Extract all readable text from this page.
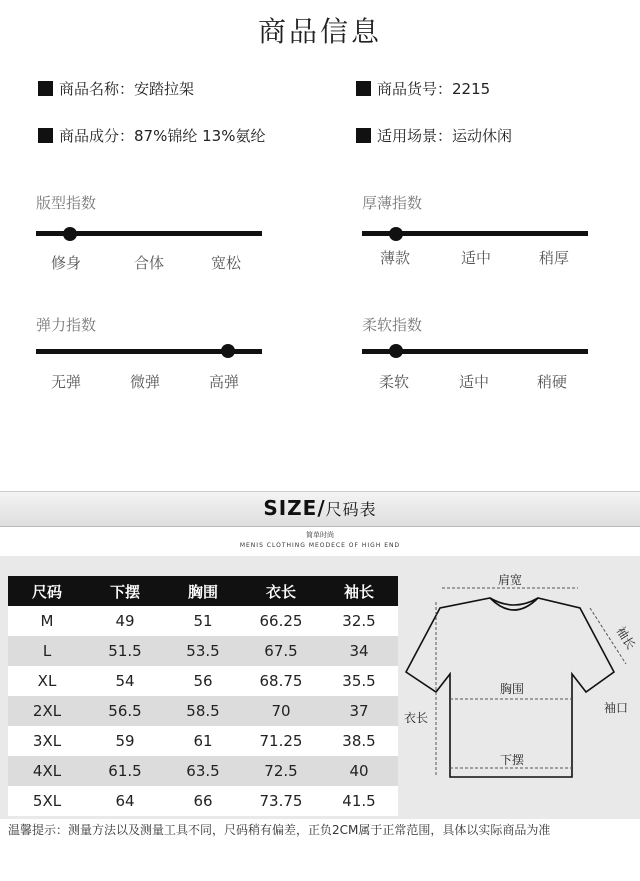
商品信息
商品名称：安踏拉架	商品货号：2215
商品成分：87%锦纶 13%氨纶	适用场景：运动休闲
版型指数
修身	合体	宽松
厚薄指数
薄款	适中	稍厚
弹力指数
无弹	微弹	高弹
柔软指数
柔软	适中	稍硬
SIZE/尺码表
简单时尚
MENIS CLOTHING MEODECE OF HIGH END
尺码	下摆	胸围	衣长	袖长
M	49	51	66.25	32.5
L	51.5	53.5	67.5	34
XL	54	56	68.75	35.5
2XL	56.5	58.5	70	37
3XL	59	61	71.25	38.5
4XL	61.5	63.5	72.5	40
5XL	64	66	73.75	41.5
肩宽
袖长
胸围
衣长
袖口
下摆
温馨提示：测量方法以及测量工具不同，尺码稍有偏差，正负2CM属于正常范围，具体以实际商品为准
